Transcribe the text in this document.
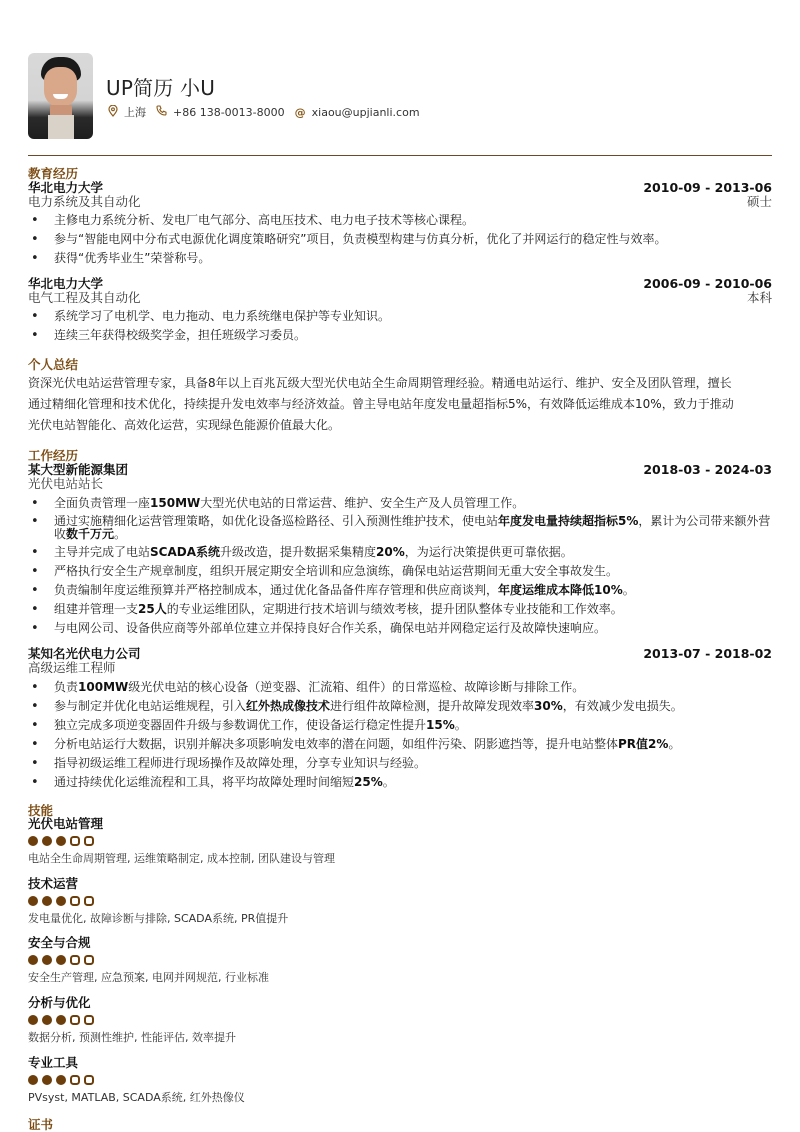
UP简历 小U
上海 +86 138-0013-8000 @ xiaou@upjianli.com
教育经历
华北电力大学	2010-09 - 2013-06
电力系统及其自动化	硕士
• 主修电力系统分析、发电厂电气部分、高电压技术、电力电子技术等核心课程。
• 参与“智能电网中分布式电源优化调度策略研究”项目，负责模型构建与仿真分析，优化了并网运行的稳定性与效率。
• 获得“优秀毕业生”荣誉称号。
华北电力大学	2006-09 - 2010-06
电气工程及其自动化	本科
• 系统学习了电机学、电力拖动、电力系统继电保护等专业知识。
• 连续三年获得校级奖学金，担任班级学习委员。
个人总结

资深光伏电站运营管理专家，具备8年以上百兆瓦级大型光伏电站全生命周期管理经验。精通电站运行、维护、安全及团队管理，擅长

通过精细化管理和技术优化，持续提升发电效率与经济效益。曾主导电站年度发电量超指标5%，有效降低运维成本10%，致力于推动

光伏电站智能化、高效化运营，实现绿色能源价值最大化。

工作经历
某大型新能源集团	2018-03 - 2024-03
光伏电站站长
• 全面负责管理一座150MW大型光伏电站的日常运营、维护、安全生产及人员管理工作。
• 通过实施精细化运营管理策略，如优化设备巡检路径、引入预测性维护技术，使电站年度发电量持续超指标5%，累计为公司带来额外营收数千万元。
• 主导并完成了电站SCADA系统升级改造，提升数据采集精度20%，为运行决策提供更可靠依据。
• 严格执行安全生产规章制度，组织开展定期安全培训和应急演练，确保电站运营期间无重大安全事故发生。
• 负责编制年度运维预算并严格控制成本，通过优化备品备件库存管理和供应商谈判，年度运维成本降低10%。
• 组建并管理一支25人的专业运维团队，定期进行技术培训与绩效考核，提升团队整体专业技能和工作效率。
• 与电网公司、设备供应商等外部单位建立并保持良好合作关系，确保电站并网稳定运行及故障快速响应。
某知名光伏电力公司	2013-07 - 2018-02
高级运维工程师
• 负责100MW级光伏电站的核心设备（逆变器、汇流箱、组件）的日常巡检、故障诊断与排除工作。
• 参与制定并优化电站运维规程，引入红外热成像技术进行组件故障检测，提升故障发现效率30%，有效减少发电损失。
• 独立完成多项逆变器固件升级与参数调优工作，使设备运行稳定性提升15%。
• 分析电站运行大数据，识别并解决多项影响发电效率的潜在问题，如组件污染、阴影遮挡等，提升电站整体PR值2%。
• 指导初级运维工程师进行现场操作及故障处理，分享专业知识与经验。
• 通过持续优化运维流程和工具，将平均故障处理时间缩短25%。
技能
光伏电站管理
电站全生命周期管理, 运维策略制定, 成本控制, 团队建设与管理
技术运营
发电量优化, 故障诊断与排除, SCADA系统, PR值提升
安全与合规
安全生产管理, 应急预案, 电网并网规范, 行业标准
分析与优化
数据分析, 预测性维护, 性能评估, 效率提升
专业工具
PVsyst, MATLAB, SCADA系统, 红外热像仪
证书
